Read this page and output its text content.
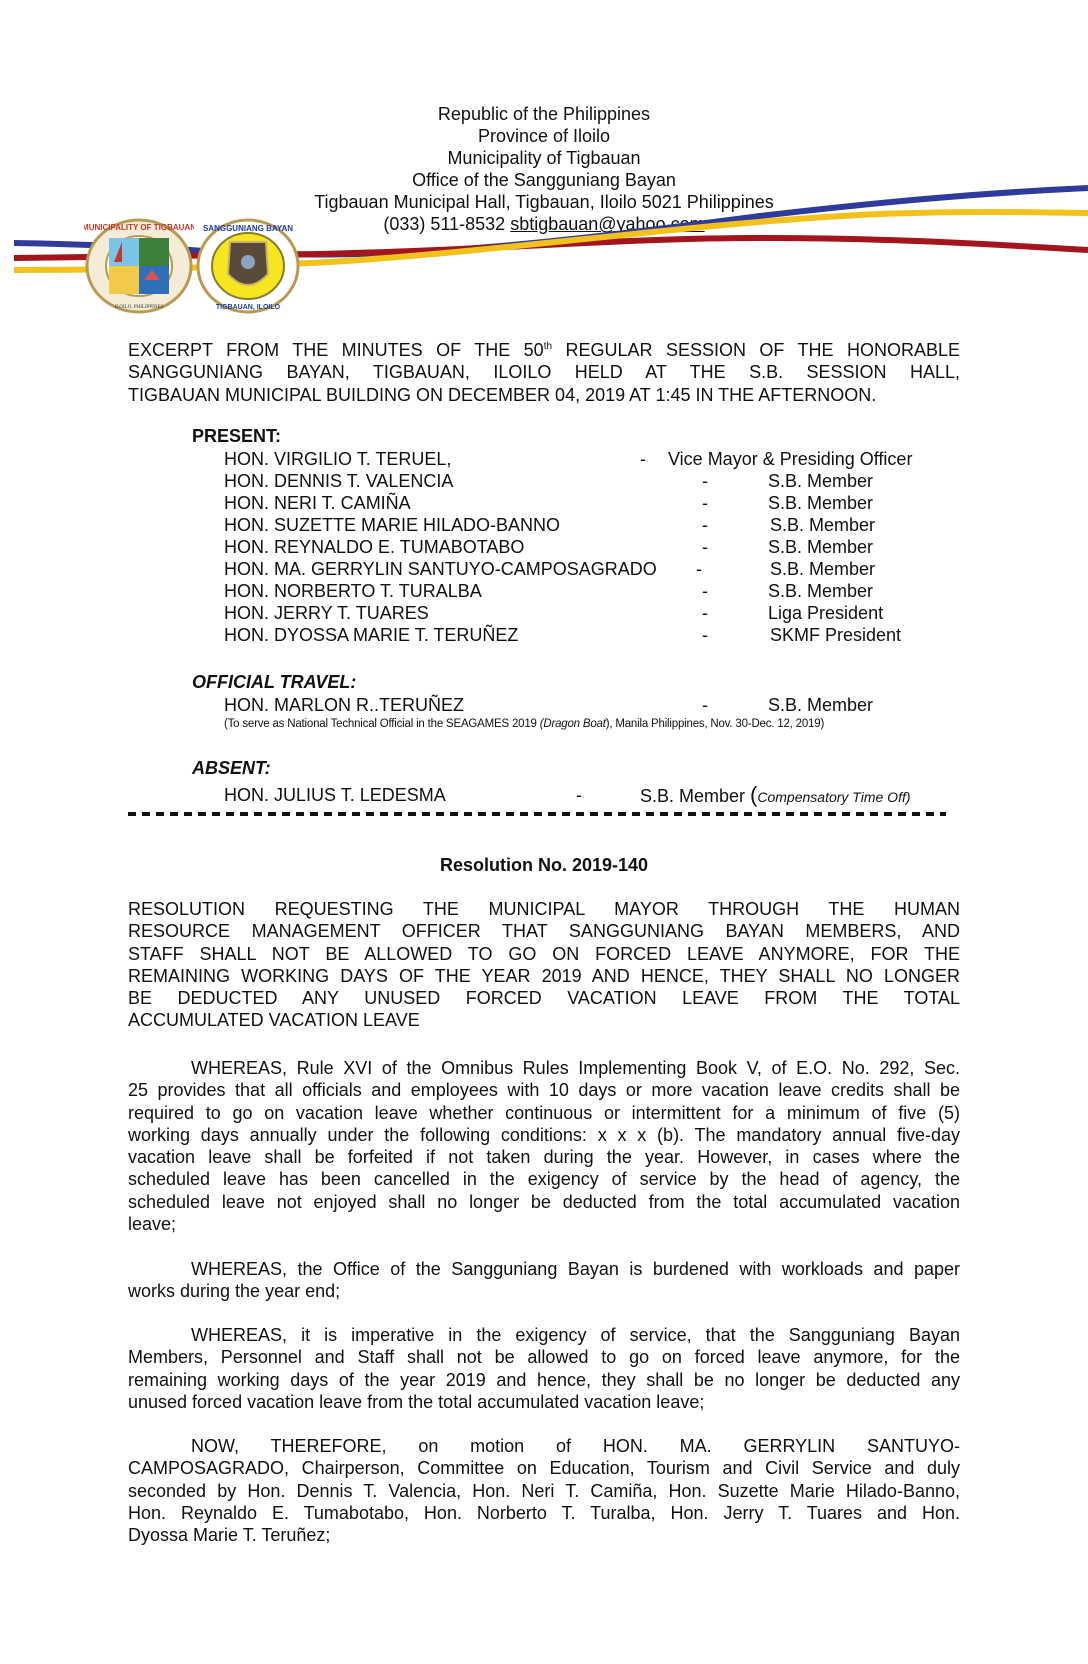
Republic of the Philippines
Province of Iloilo
Municipality of Tigbauan
Office of the Sangguniang Bayan
Tigbauan Municipal Hall, Tigbauan, Iloilo 5021 Philippines
(033) 511-8532 sbtigbauan@yahoo.com
MUNICIPALITY OF TIGBAUAN
ILOILO, PHILIPPINES
SANGGUNIANG BAYAN
TIGBAUAN, ILOILO
EXCERPT FROM THE MINUTES OF THE 50th REGULAR SESSION OF THE HONORABLE
SANGGUNIANG BAYAN, TIGBAUAN, ILOILO HELD AT THE S.B. SESSION HALL,
TIGBAUAN MUNICIPAL BUILDING ON DECEMBER 04, 2019 AT 1:45 IN THE AFTERNOON.
PRESENT:
HON. VIRGILIO T. TERUEL,	- Vice Mayor & Presiding Officer
HON. DENNIS T. VALENCIA	-	S.B. Member
HON. NERI T. CAMIÑA	-	S.B. Member
HON. SUZETTE MARIE HILADO-BANNO	-	S.B. Member
HON. REYNALDO E. TUMABOTABO	-	S.B. Member
HON. MA. GERRYLIN SANTUYO-CAMPOSAGRADO -	S.B. Member
HON. NORBERTO T. TURALBA	-	S.B. Member
HON. JERRY T. TUARES	-	Liga President
HON. DYOSSA MARIE T. TERUÑEZ	-	SKMF President
OFFICIAL TRAVEL:
HON. MARLON R..TERUÑEZ	-	S.B. Member
(To serve as National Technical Official in the SEAGAMES 2019 (Dragon Boat), Manila Philippines, Nov. 30-Dec. 12, 2019)
ABSENT:
HON. JULIUS T. LEDESMA	-	S.B. Member (Compensatory Time Off)
Resolution No. 2019-140
RESOLUTION REQUESTING THE MUNICIPAL MAYOR THROUGH THE HUMAN
RESOURCE MANAGEMENT OFFICER THAT SANGGUNIANG BAYAN MEMBERS, AND
STAFF SHALL NOT BE ALLOWED TO GO ON FORCED LEAVE ANYMORE, FOR THE
REMAINING WORKING DAYS OF THE YEAR 2019 AND HENCE, THEY SHALL NO LONGER
BE DEDUCTED ANY UNUSED FORCED VACATION LEAVE FROM THE TOTAL
ACCUMULATED VACATION LEAVE
WHEREAS, Rule XVI of the Omnibus Rules Implementing Book V, of E.O. No. 292, Sec.
25 provides that all officials and employees with 10 days or more vacation leave credits shall be
required to go on vacation leave whether continuous or intermittent for a minimum of five (5)
working days annually under the following conditions: x x x (b). The mandatory annual five-day
vacation leave shall be forfeited if not taken during the year. However, in cases where the
scheduled leave has been cancelled in the exigency of service by the head of agency, the
scheduled leave not enjoyed shall no longer be deducted from the total accumulated vacation
leave;
WHEREAS, the Office of the Sangguniang Bayan is burdened with workloads and paper
works during the year end;
WHEREAS, it is imperative in the exigency of service, that the Sangguniang Bayan
Members, Personnel and Staff shall not be allowed to go on forced leave anymore, for the
remaining working days of the year 2019 and hence, they shall be no longer be deducted any
unused forced vacation leave from the total accumulated vacation leave;
NOW, THEREFORE, on motion of HON. MA. GERRYLIN SANTUYO-
CAMPOSAGRADO, Chairperson, Committee on Education, Tourism and Civil Service and duly
seconded by Hon. Dennis T. Valencia, Hon. Neri T. Camiña, Hon. Suzette Marie Hilado-Banno,
Hon. Reynaldo E. Tumabotabo, Hon. Norberto T. Turalba, Hon. Jerry T. Tuares and Hon.
Dyossa Marie T. Teruñez;
